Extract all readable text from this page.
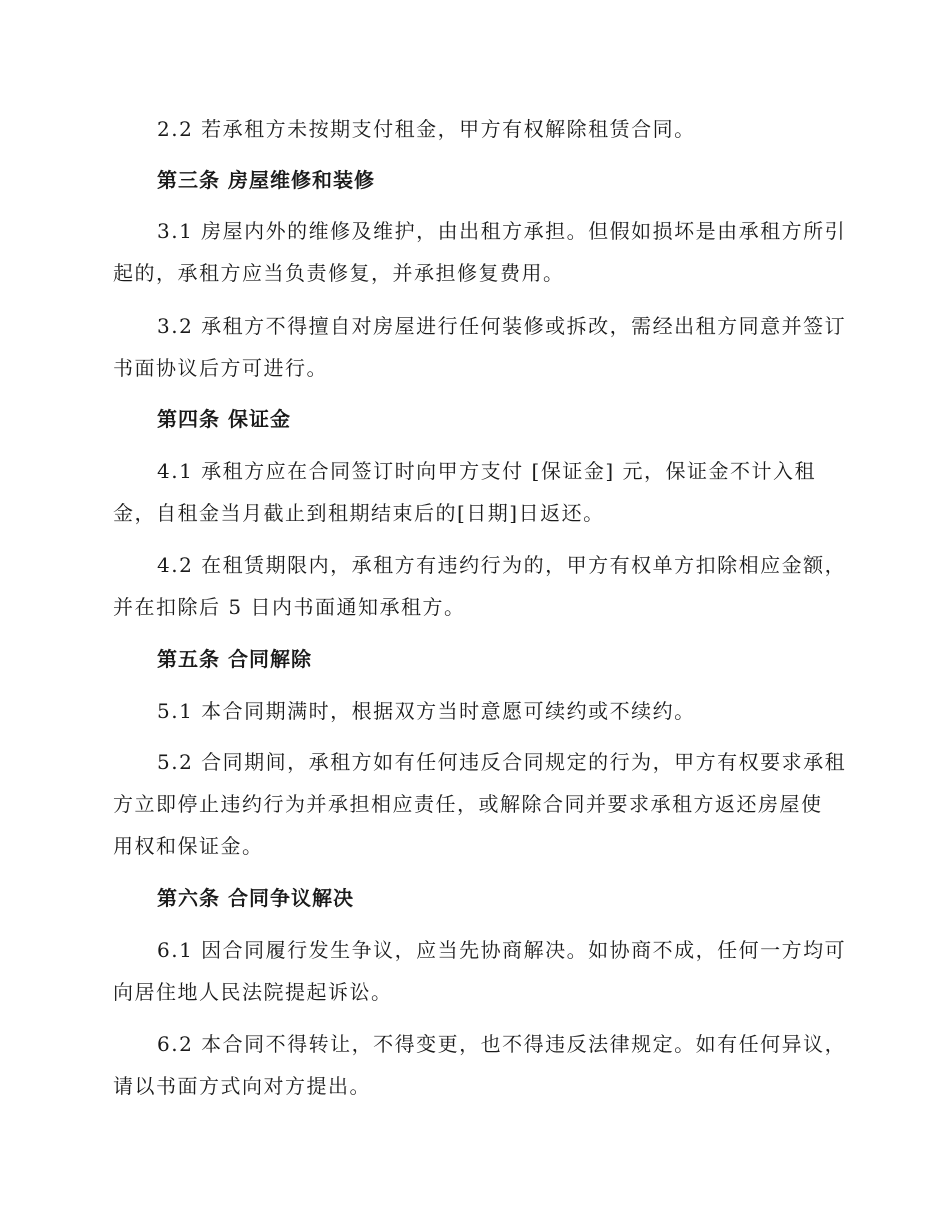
2.2 若承租方未按期支付租金，甲方有权解除租赁合同。
第三条 房屋维修和装修
3.1 房屋内外的维修及维护，由出租方承担。但假如损坏是由承租方所引
起的，承租方应当负责修复，并承担修复费用。
3.2 承租方不得擅自对房屋进行任何装修或拆改，需经出租方同意并签订
书面协议后方可进行。
第四条 保证金
4.1 承租方应在合同签订时向甲方支付 [保证金] 元，保证金不计入租
金，自租金当月截止到租期结束后的[日期]日返还。
4.2 在租赁期限内，承租方有违约行为的，甲方有权单方扣除相应金额，
并在扣除后 5 日内书面通知承租方。
第五条 合同解除
5.1 本合同期满时，根据双方当时意愿可续约或不续约。
5.2 合同期间，承租方如有任何违反合同规定的行为，甲方有权要求承租
方立即停止违约行为并承担相应责任，或解除合同并要求承租方返还房屋使
用权和保证金。
第六条 合同争议解决
6.1 因合同履行发生争议，应当先协商解决。如协商不成，任何一方均可
向居住地人民法院提起诉讼。
6.2 本合同不得转让，不得变更，也不得违反法律规定。如有任何异议，
请以书面方式向对方提出。
